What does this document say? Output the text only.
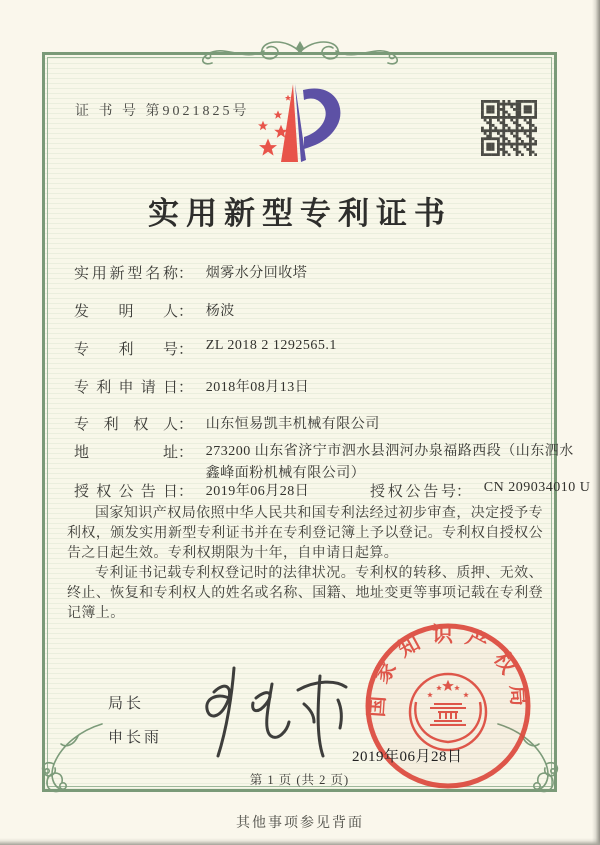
证 书 号 第9021825号
实用新型专利证书
实用新型名称： 烟雾水分回收塔
发明人： 杨波
专利号： ZL 2018 2 1292565.1
专利申请日： 2018年08月13日
专利权人： 山东恒易凯丰机械有限公司
地址： 273200 山东省济宁市泗水县泗河办泉福路西段（山东泗水鑫峰面粉机械有限公司）
授权公告日： 2019年06月28日	授权公告号： CN 209034010 U

国家知识产权局依照中华人民共和国专利法经过初步审查，决定授予专利权，颁发实用新型专利证书并在专利登记簿上予以登记。专利权自授权公告之日起生效。专利权期限为十年，自申请日起算。

专利证书记载专利权登记时的法律状况。专利权的转移、质押、无效、终止、恢复和专利权人的姓名或名称、国籍、地址变更等事项记载在专利登记簿上。

局长
申长雨
国家知识产权局
2019年06月28日
第 1 页 (共 2 页)
其他事项参见背面
